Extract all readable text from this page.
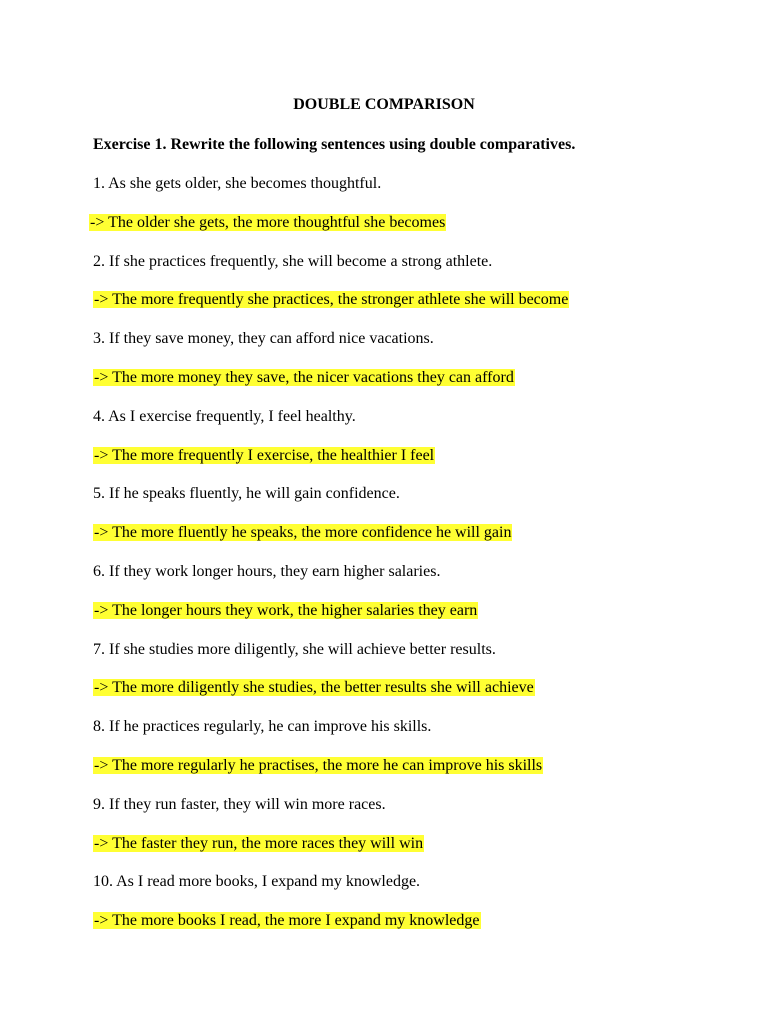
DOUBLE COMPARISON
Exercise 1. Rewrite the following sentences using double comparatives.
1. As she gets older, she becomes thoughtful.
-> The older she gets, the more thoughtful she becomes
2. If she practices frequently, she will become a strong athlete.
-> The more frequently she practices, the stronger athlete she will become
3. If they save money, they can afford nice vacations.
-> The more money they save, the nicer vacations they can afford
4. As I exercise frequently, I feel healthy.
-> The more frequently I exercise, the healthier I feel
5. If he speaks fluently, he will gain confidence.
-> The more fluently he speaks, the more confidence he will gain
6. If they work longer hours, they earn higher salaries.
-> The longer hours they work, the higher salaries they earn
7. If she studies more diligently, she will achieve better results.
-> The more diligently she studies, the better results she will achieve
8. If he practices regularly, he can improve his skills.
-> The more regularly he practises, the more he can improve his skills
9. If they run faster, they will win more races.
-> The faster they run, the more races they will win
10. As I read more books, I expand my knowledge.
-> The more books I read, the more I expand my knowledge
